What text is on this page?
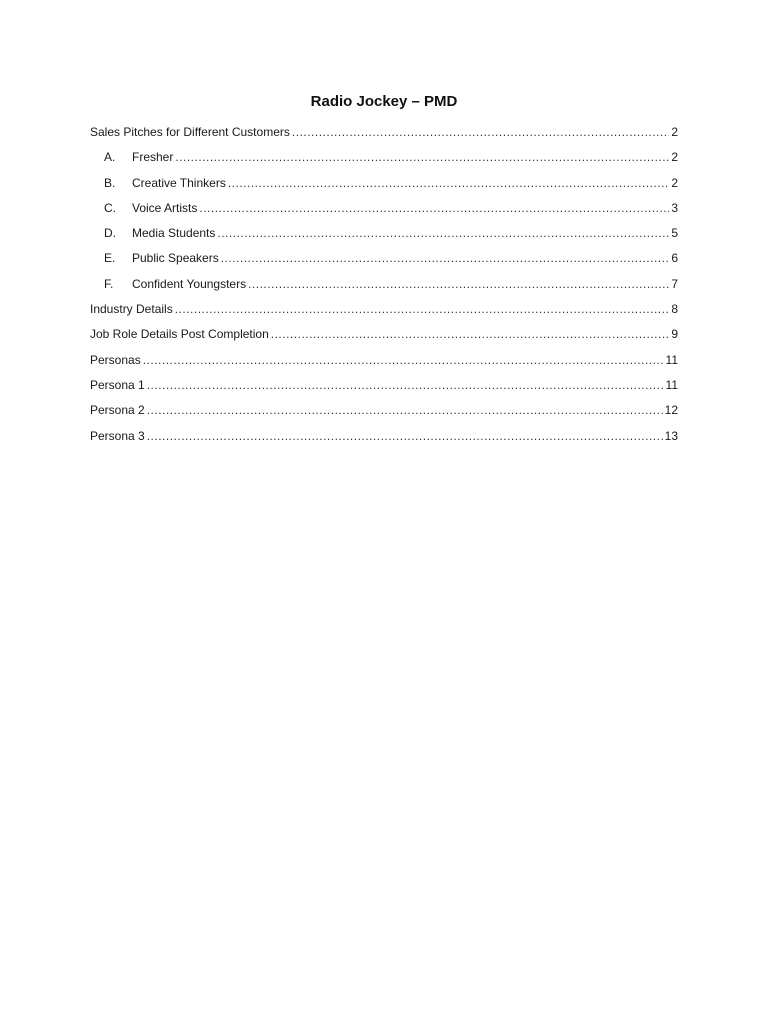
Radio Jockey – PMD
Sales Pitches for Different Customers .....	2
A.	Fresher .....	2
B.	Creative Thinkers .....	2
C.	Voice Artists .....	3
D.	Media Students .....	5
E.	Public Speakers .....	6
F.	Confident Youngsters .....	7
Industry Details .....	8
Job Role Details Post Completion .....	9
Personas .....	11
Persona 1 .....	11
Persona 2 .....	12
Persona 3 .....	13
